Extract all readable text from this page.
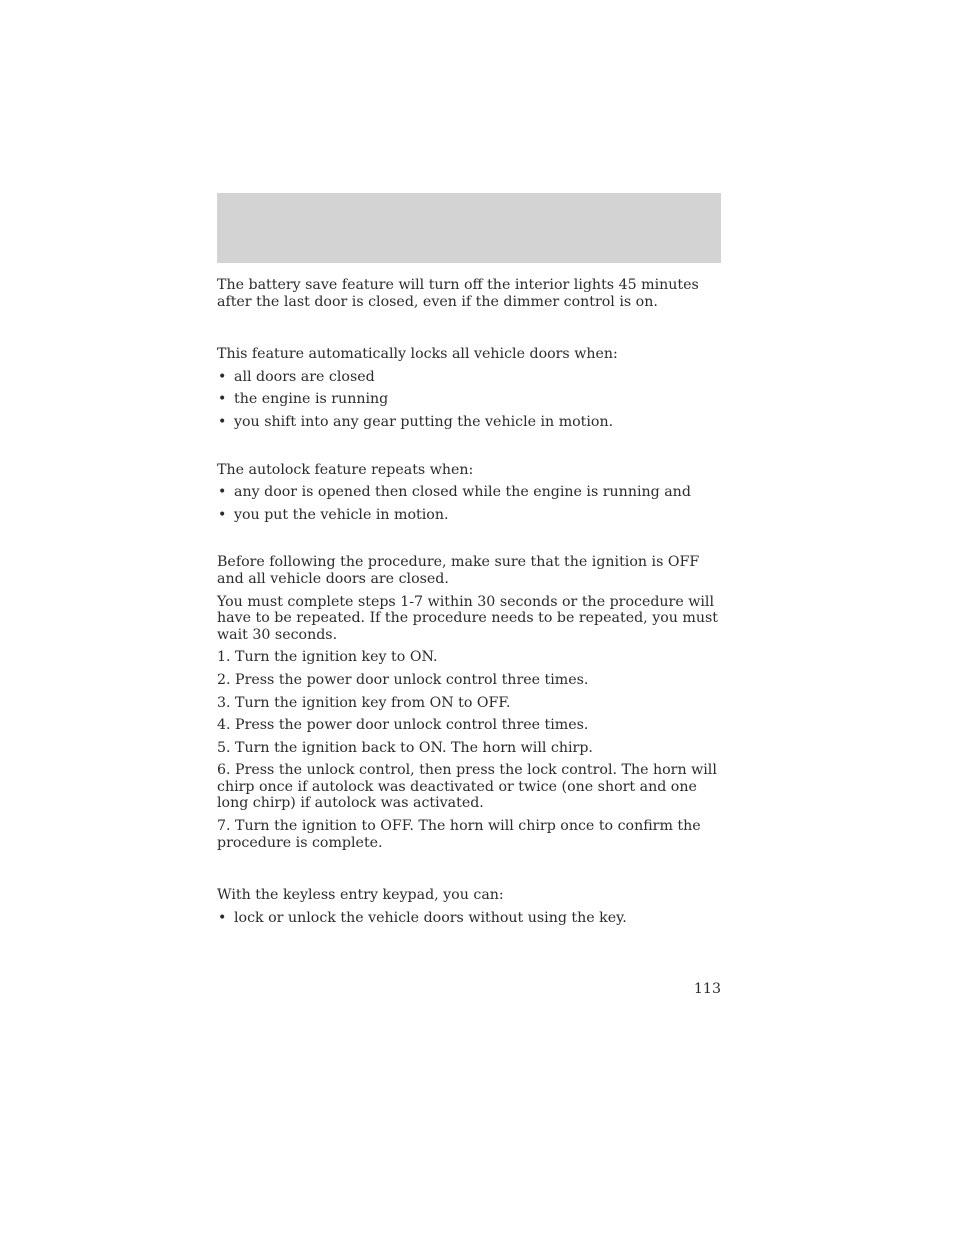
The battery save feature will turn off the interior lights 45 minutes after the last door is closed, even if the dimmer control is on.

This feature automatically locks all vehicle doors when:

• all doors are closed
• the engine is running
• you shift into any gear putting the vehicle in motion.

The autolock feature repeats when:

• any door is opened then closed while the engine is running and
• you put the vehicle in motion.

Before following the procedure, make sure that the ignition is OFF and all vehicle doors are closed.

You must complete steps 1-7 within 30 seconds or the procedure will have to be repeated. If the procedure needs to be repeated, you must wait 30 seconds.

1. Turn the ignition key to ON.

2. Press the power door unlock control three times.

3. Turn the ignition key from ON to OFF.

4. Press the power door unlock control three times.

5. Turn the ignition back to ON. The horn will chirp.

6. Press the unlock control, then press the lock control. The horn will chirp once if autolock was deactivated or twice (one short and one long chirp) if autolock was activated.

7. Turn the ignition to OFF. The horn will chirp once to confirm the procedure is complete.

With the keyless entry keypad, you can:

• lock or unlock the vehicle doors without using the key.
113
